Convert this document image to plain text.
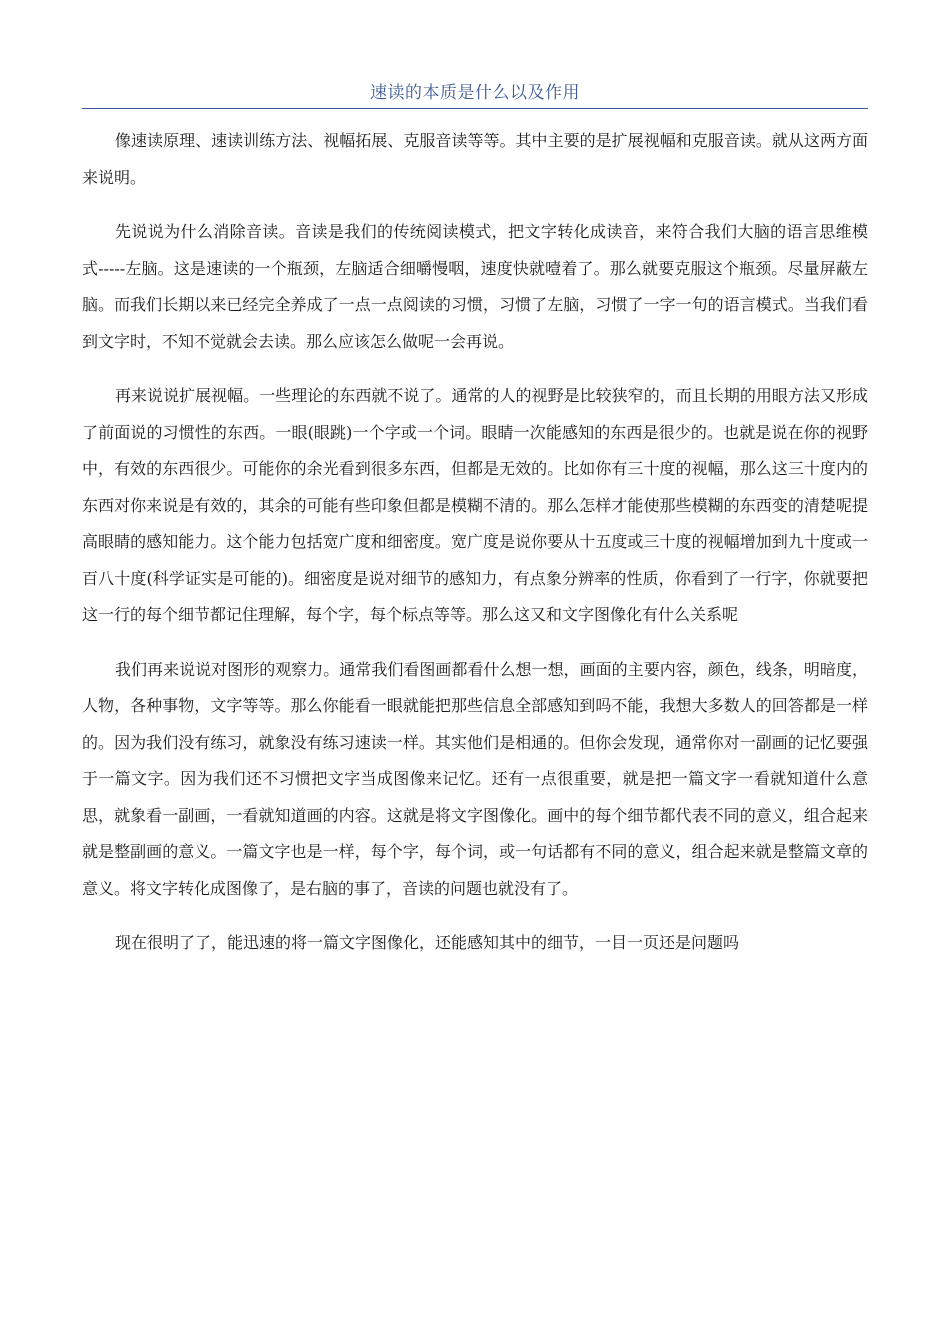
速读的本质是什么以及作用

像速读原理、速读训练方法、视幅拓展、克服音读等等。其中主要的是扩展视幅和克服音读。就从这两方面来说明。

先说说为什么消除音读。音读是我们的传统阅读模式，把文字转化成读音，来符合我们大脑的语言思维模式-----左脑。这是速读的一个瓶颈，左脑适合细嚼慢咽，速度快就噎着了。那么就要克服这个瓶颈。尽量屏蔽左脑。而我们长期以来已经完全养成了一点一点阅读的习惯，习惯了左脑，习惯了一字一句的语言模式。当我们看到文字时，不知不觉就会去读。那么应该怎么做呢一会再说。

再来说说扩展视幅。一些理论的东西就不说了。通常的人的视野是比较狭窄的，而且长期的用眼方法又形成了前面说的习惯性的东西。一眼(眼跳)一个字或一个词。眼睛一次能感知的东西是很少的。也就是说在你的视野中，有效的东西很少。可能你的余光看到很多东西，但都是无效的。比如你有三十度的视幅，那么这三十度内的东西对你来说是有效的，其余的可能有些印象但都是模糊不清的。那么怎样才能使那些模糊的东西变的清楚呢提高眼睛的感知能力。这个能力包括宽广度和细密度。宽广度是说你要从十五度或三十度的视幅增加到九十度或一百八十度(科学证实是可能的)。细密度是说对细节的感知力，有点象分辨率的性质，你看到了一行字，你就要把这一行的每个细节都记住理解，每个字，每个标点等等。那么这又和文字图像化有什么关系呢

我们再来说说对图形的观察力。通常我们看图画都看什么想一想，画面的主要内容，颜色，线条，明暗度，人物，各种事物，文字等等。那么你能看一眼就能把那些信息全部感知到吗不能，我想大多数人的回答都是一样的。因为我们没有练习，就象没有练习速读一样。其实他们是相通的。但你会发现，通常你对一副画的记忆要强于一篇文字。因为我们还不习惯把文字当成图像来记忆。还有一点很重要，就是把一篇文字一看就知道什么意思，就象看一副画，一看就知道画的内容。这就是将文字图像化。画中的每个细节都代表不同的意义，组合起来就是整副画的意义。一篇文字也是一样，每个字，每个词，或一句话都有不同的意义，组合起来就是整篇文章的意义。将文字转化成图像了，是右脑的事了，音读的问题也就没有了。

现在很明了了，能迅速的将一篇文字图像化，还能感知其中的细节，一目一页还是问题吗
